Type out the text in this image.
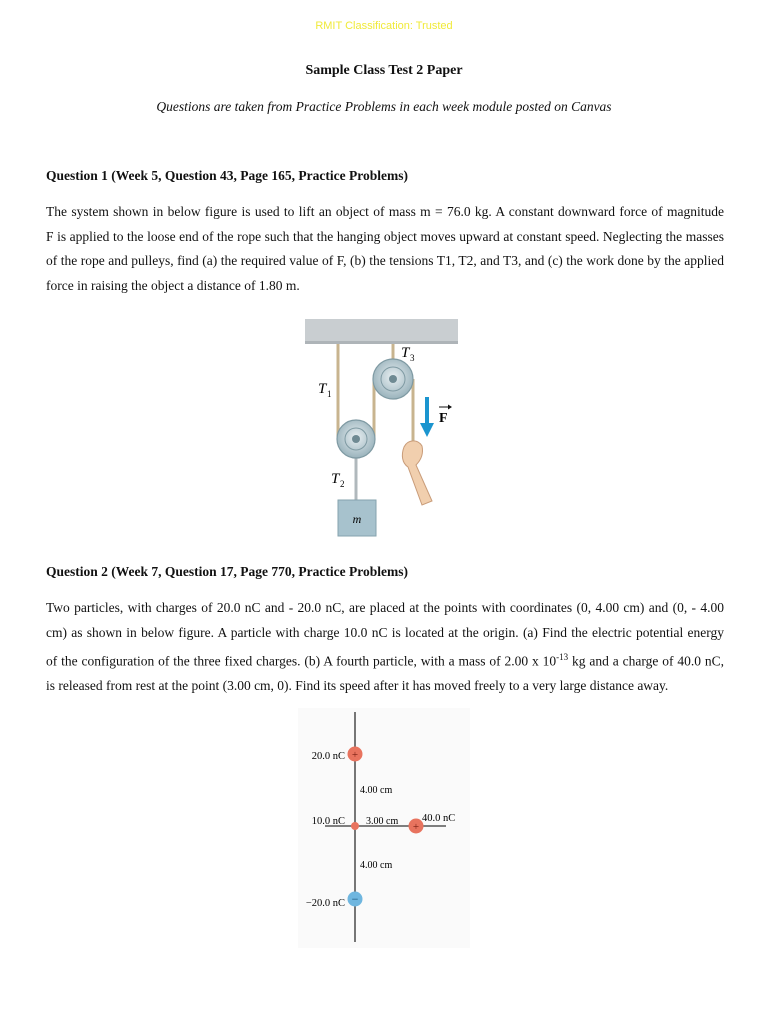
RMIT Classification: Trusted
Sample Class Test 2 Paper
Questions are taken from Practice Problems in each week module posted on Canvas
Question 1 (Week 5, Question 43, Page 165, Practice Problems)
The system shown in below figure is used to lift an object of mass m = 76.0 kg. A constant downward force of magnitude
F is applied to the loose end of the rope such that the hanging object moves upward at constant speed. Neglecting the masses
of the rope and pulleys, find (a) the required value of F, (b) the tensions T1, T2, and T3, and (c) the work done by the applied
force in raising the object a distance of 1.80 m.
m
F
T 1
T 3
T 2
Question 2 (Week 7, Question 17, Page 770, Practice Problems)
Two particles, with charges of 20.0 nC and - 20.0 nC, are placed at the points with coordinates (0, 4.00 cm) and (0, - 4.00
cm) as shown in below figure. A particle with charge 10.0 nC is located at the origin. (a) Find the electric potential energy
of the configuration of the three fixed charges. (b) A fourth particle, with a mass of 2.00 x $10^{-13}$ kg and a charge of 40.0 nC,
is released from rest at the point (3.00 cm, 0). Find its speed after it has moved freely to a very large distance away.
+
+
−
20.0 nC
10.0 nC
−20.0 nC
40.0 nC
4.00 cm
3.00 cm
4.00 cm
